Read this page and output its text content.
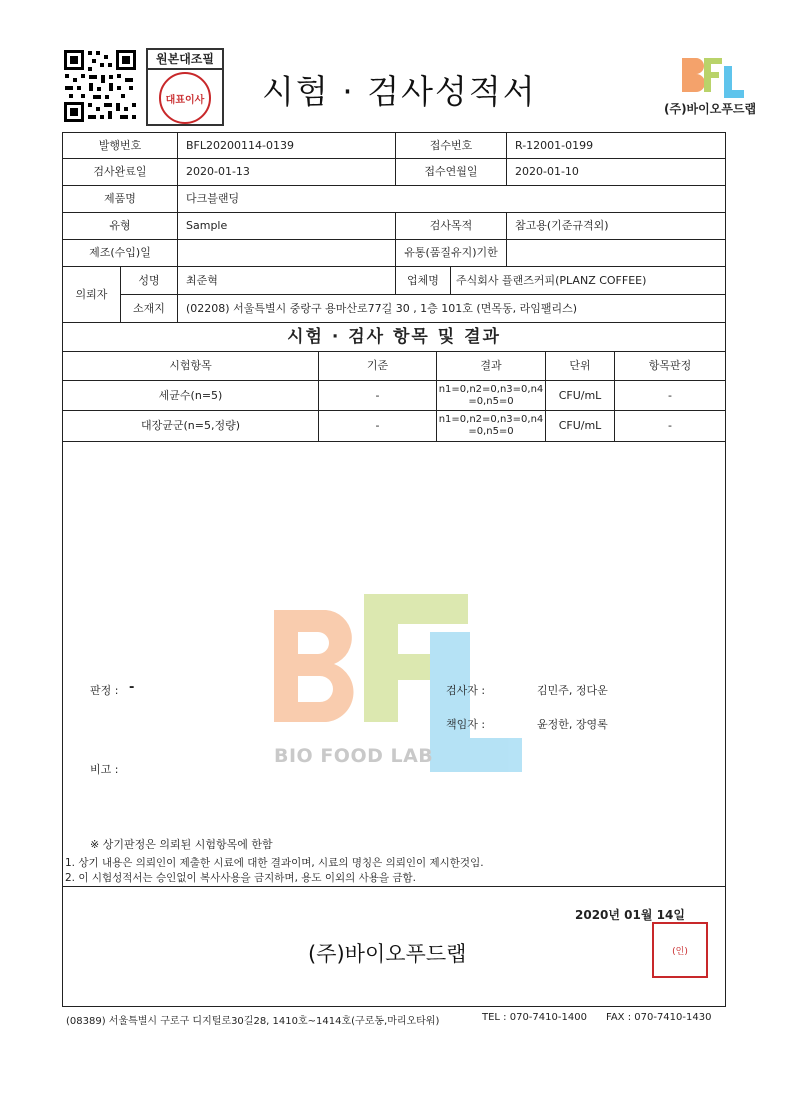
원본대조필
대표이사 시험 · 검사성적서	(주)바이오푸드랩
발행번호	BFL20200114-0139	접수번호	R-12001-0199
검사완료일	2020-01-13	접수연월일	2020-01-10
제품명	다크블랜딩
유형	Sample	검사목적	참고용(기준규격외)
제조(수입)일	유통(품질유지)기한
의뢰자
성명	최준혁	업체명	주식회사 플랜즈커피(PLANZ COFFEE)
소재지	(02208) 서울특별시 중랑구 용마산로77길 30 , 1층 101호 (면목동, 라임팰리스)
시험 · 검사 항목 및 결과
시험항목	기준	결과	단위	항목판정
세균수(n=5)	-	n1=0,n2=0,n3=0,n4
=0,n5=0	CFU/mL	-
대장균군(n=5,정량)	-	n1=0,n2=0,n3=0,n4
=0,n5=0	CFU/mL	-
BIO FOOD LAB
판정 : -	검사자 :	김민주, 정다운
책임자 :	윤정한, 장영록
비고 :
※ 상기판정은 의뢰된 시험항목에 한함
1. 상기 내용은 의뢰인이 제출한 시료에 대한 결과이며, 시료의 명칭은 의뢰인이 제시한것임.
2. 이 시험성적서는 승인없이 복사사용을 금지하며, 용도 이외의 사용을 금함.
2020년 01월 14일
(주)바이오푸드랩	(인)
(08389) 서울특별시 구로구 디지털로30길28, 1410호~1414호(구로동,마리오타워)	TEL : 070-7410-1400 FAX : 070-7410-1430
